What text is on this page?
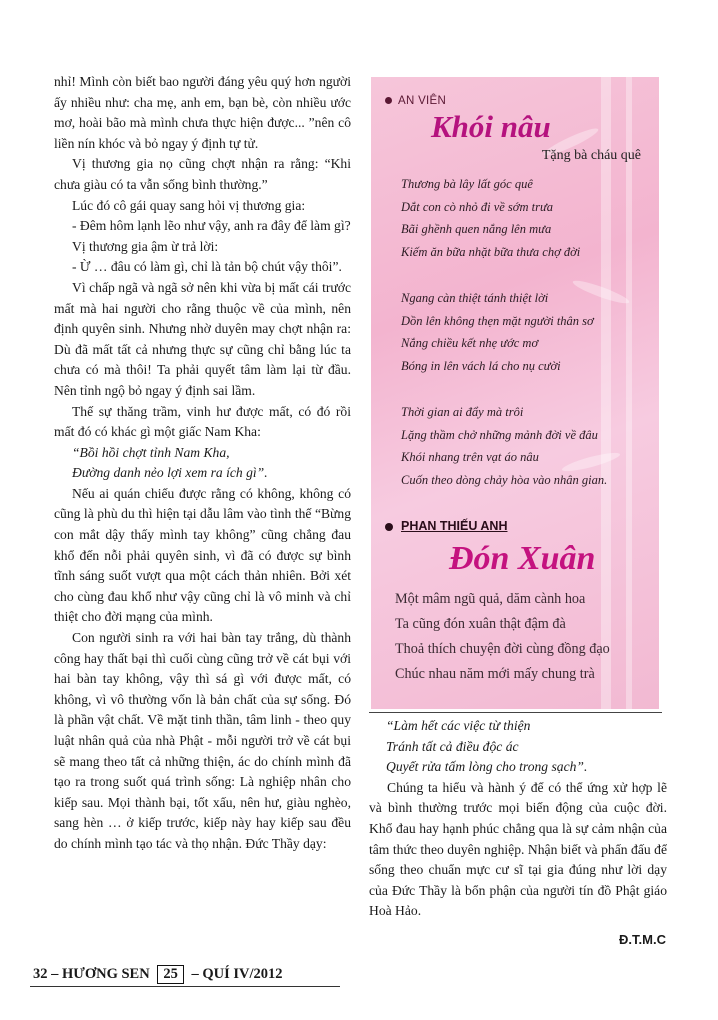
nhỉ! Mình còn biết bao người đáng yêu quý hơn người ấy nhiều như: cha mẹ, anh em, bạn bè, còn nhiều ước mơ, hoài bão mà mình chưa thực hiện được... ”nên cô liền nín khóc và bỏ ngay ý định tự tử.

Vị thương gia nọ cũng chợt nhận ra rằng: “Khi chưa giàu có ta vẫn sống bình thường.”

Lúc đó cô gái quay sang hỏi vị thương gia:

- Đêm hôm lạnh lẽo như vậy, anh ra đây để làm gì?

Vị thương gia ậm ừ trả lời:

- Ừ … đâu có làm gì, chỉ là tản bộ chút vậy thôi”.

Vì chấp ngã và ngã sở nên khi vừa bị mất cái trước mất mà hai người cho rằng thuộc về của mình, nên định quyên sinh. Nhưng nhờ duyên may chợt nhận ra: Dù đã mất tất cả nhưng thực sự cũng chỉ bằng lúc ta chưa có mà thôi! Ta phải quyết tâm làm lại từ đầu. Nên tỉnh ngộ bỏ ngay ý định sai lầm.

Thế sự thăng trầm, vinh hư được mất, có đó rồi mất đó có khác gì một giấc Nam Kha:

“Bồi hồi chợt tỉnh Nam Kha,

Đường danh nẻo lợi xem ra ích gì”.

Nếu ai quán chiếu được rằng có không, không có cũng là phù du thì hiện tại dẫu lâm vào tình thế “Bừng con mắt dậy thấy mình tay không” cũng chẳng đau khổ đến nỗi phải quyên sinh, vì đã có được sự bình tĩnh sáng suốt vượt qua một cách thản nhiên. Bởi xét cho cùng đau khổ như vậy cũng chỉ là vô minh và chỉ thiệt cho đời mạng của mình.

Con người sinh ra với hai bàn tay trắng, dù thành công hay thất bại thì cuối cùng cũng trở về cát bụi với hai bàn tay không, vậy thì sá gì với được mất, có không, vì vô thường vốn là bản chất của sự sống. Đó là phần vật chất. Về mặt tinh thần, tâm linh - theo quy luật nhân quả của nhà Phật - mỗi người trở về cát bụi sẽ mang theo tất cả những thiện, ác do chính mình đã tạo ra trong suốt quá trình sống: Là nghiệp nhân cho kiếp sau. Mọi thành bại, tốt xấu, nên hư, giàu nghèo, sang hèn … ở kiếp trước, kiếp này hay kiếp sau đều do chính mình tạo tác và thọ nhận. Đức Thầy dạy:

AN VIÊN
Khói nâu
Tặng bà cháu quê
Thương bà lây lất góc quê
Dắt con cò nhỏ đi về sớm trưa
Bãi ghềnh quen nắng lên mưa
Kiếm ăn bữa nhặt bữa thưa chợ đời
Ngang càn thiệt tánh thiệt lời
Dồn lên không thẹn mặt người thân sơ
Nắng chiều kết nhẹ ước mơ
Bóng in lên vách lá cho nụ cười
Thời gian ai đẩy mà trôi
Lặng thầm chở những mảnh đời về đâu
Khói nhang trên vạt áo nâu
Cuốn theo dòng chảy hòa vào nhân gian.
PHAN THIẾU ANH
Đón Xuân
Một mâm ngũ quả, dăm cành hoa
Ta cũng đón xuân thật đậm đà
Thoả thích chuyện đời cùng đồng đạo
Chúc nhau năm mới mấy chung trà

“Làm hết các việc từ thiện

Tránh tất cả điều độc ác

Quyết rửa tấm lòng cho trong sạch”.

Chúng ta hiểu và hành ý để có thể ứng xử hợp lẽ và bình thường trước mọi biến động của cuộc đời. Khổ đau hay hạnh phúc chẳng qua là sự cảm nhận của tâm thức theo duyên nghiệp. Nhận biết và phấn đấu để sống theo chuẩn mực cư sĩ tại gia đúng như lời dạy của Đức Thầy là bổn phận của người tín đồ Phật giáo Hoà Hảo.

Đ.T.M.C
32 – HƯƠNG SEN 25 – QUÍ IV/2012
